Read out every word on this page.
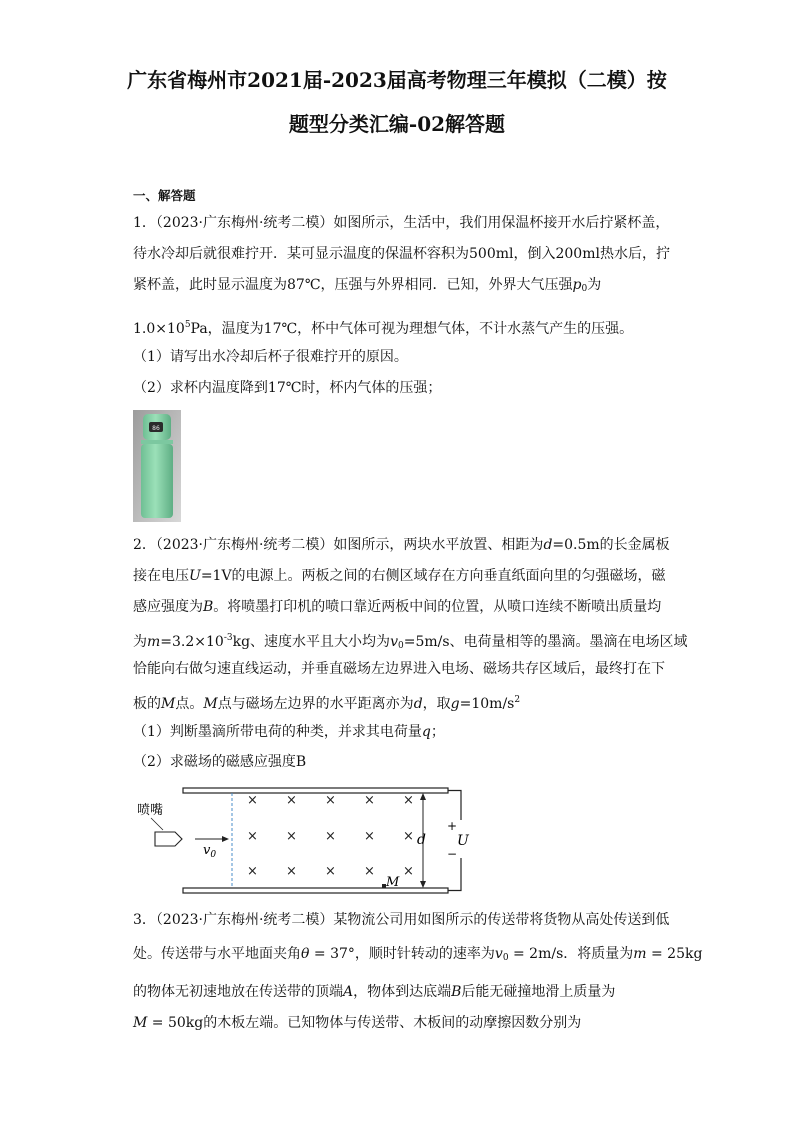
广东省梅州市2021届-2023届高考物理三年模拟（二模）按
题型分类汇编-02解答题
一、解答题
1．（2023·广东梅州·统考二模）如图所示，生活中，我们用保温杯接开水后拧紧杯盖，
待水冷却后就很难拧开．某可显示温度的保温杯容积为500ml，倒入200ml热水后，拧
紧杯盖，此时显示温度为87℃，压强与外界相同．已知，外界大气压强$p_0$为
$1.0\times 10^5Pa$，温度为17℃，杯中气体可视为理想气体，不计水蒸气产生的压强。
（1）请写出水冷却后杯子很难拧开的原因。
（2）求杯内温度降到17℃时，杯内气体的压强；
86
2．（2023·广东梅州·统考二模）如图所示，两块水平放置、相距为d=0.5m的长金属板
接在电压U=1V的电源上。两板之间的右侧区域存在方向垂直纸面向里的匀强磁场，磁
感应强度为B。将喷墨打印机的喷口靠近两板中间的位置，从喷口连续不断喷出质量均
为$m=3.2\times 10^{-3}kg$、速度水平且大小均为$v_0=5m/s$、电荷量相等的墨滴。墨滴在电场区域
恰能向右做匀速直线运动，并垂直磁场左边界进入电场、磁场共存区域后，最终打在下
板的M点。M点与磁场左边界的水平距离亦为d，取$g=10m/s^2$
（1）判断墨滴所带电荷的种类，并求其电荷量q；
（2）求磁场的磁感应强度B
+
−
U
d
× × × × ×
× × × × ×
× × × × ×
喷嘴
$v_0$
M
3．（2023·广东梅州·统考二模）某物流公司用如图所示的传送带将货物从高处传送到低
处。传送带与水平地面夹角θ = 37°，顺时针转动的速率为$v_0 = 2m/s$．将质量为m = 25kg
的物体无初速地放在传送带的顶端A，物体到达底端B后能无碰撞地滑上质量为
M = 50kg的木板左端。已知物体与传送带、木板间的动摩擦因数分别为
